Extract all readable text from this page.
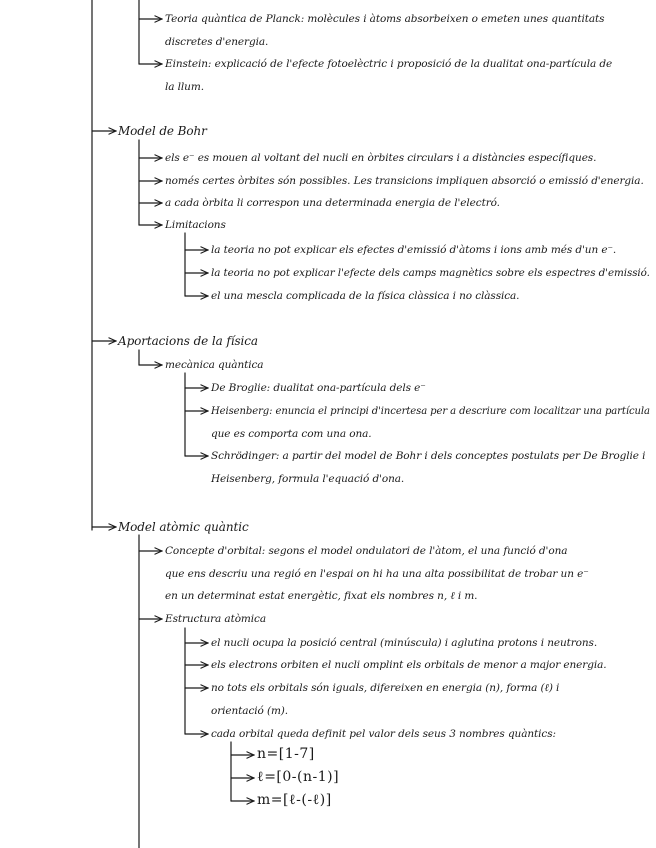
Teoria quàntica de Planck: molècules i àtoms absorbeixen o emeten unes quantitats
discretes d'energia.
Einstein: explicació de l'efecte fotoelèctric i proposició de la dualitat ona-partícula de
la llum.
Model de Bohr
els e⁻ es mouen al voltant del nucli en òrbites circulars i a distàncies específiques.
només certes òrbites són possibles. Les transicions impliquen absorció o emissió d'energia.
a cada òrbita li correspon una determinada energia de l'electró.
Limitacions
la teoria no pot explicar els efectes d'emissió d'àtoms i ions amb més d'un e⁻.
la teoria no pot explicar l'efecte dels camps magnètics sobre els espectres d'emissió.
el una mescla complicada de la física clàssica i no clàssica.
Aportacions de la física
mecànica quàntica
De Broglie: dualitat ona-partícula dels e⁻
Heisenberg: enuncia el principi d'incertesa per a descriure com localitzar una partícula
que es comporta com una ona.
Schrödinger: a partir del model de Bohr i dels conceptes postulats per De Broglie i
Heisenberg, formula l'equació d'ona.
Model atòmic quàntic
Concepte d'orbital: segons el model ondulatori de l'àtom, el una funció d'ona
que ens descriu una regió en l'espai on hi ha una alta possibilitat de trobar un e⁻
en un determinat estat energètic, fixat els nombres n, ℓ i m.
Estructura atòmica
el nucli ocupa la posició central (minúscula) i aglutina protons i neutrons.
els electrons orbiten el nucli omplint els orbitals de menor a major energia.
no tots els orbitals són iguals, difereixen en energia (n), forma (ℓ) i
orientació (m).
cada orbital queda definit pel valor dels seus 3 nombres quàntics:
n=[1-7]
ℓ=[0-(n-1)]
m=[ℓ-(-ℓ)]
